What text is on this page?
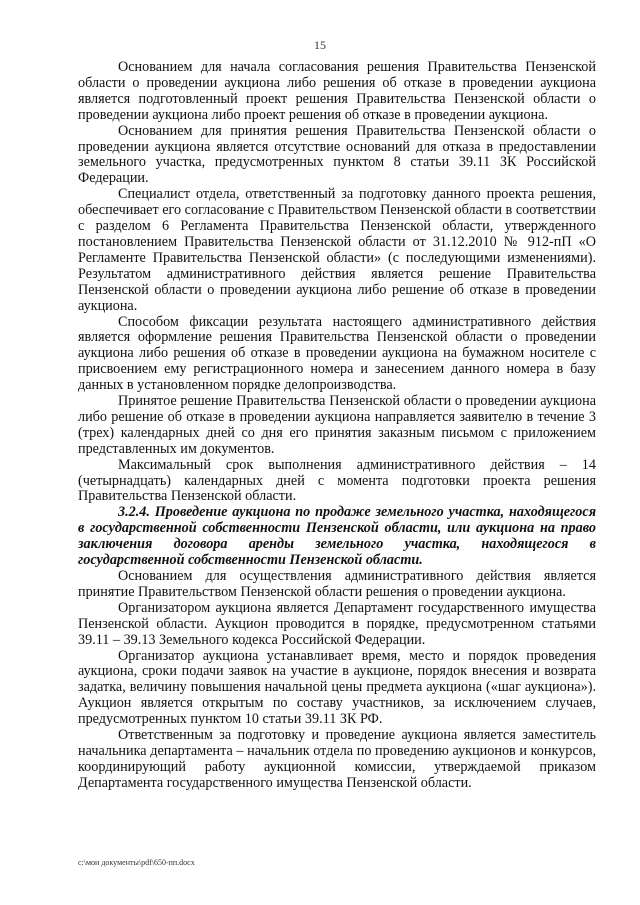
15

Основанием для начала согласования решения Правительства Пензенской области о проведении аукциона либо решения об отказе в проведении аукциона является подготовленный проект решения Правительства Пензенской области о проведении аукциона либо проект решения об отказе в проведении аукциона.

Основанием для принятия решения Правительства Пензенской области о проведении аукциона является отсутствие оснований для отказа в предоставлении земельного участка, предусмотренных пунктом 8 статьи 39.11 ЗК Российской Федерации.

Специалист отдела, ответственный за подготовку данного проекта решения, обеспечивает его согласование с Правительством Пензенской области в соответствии с разделом 6 Регламента Правительства Пензенской области, утвержденного постановлением Правительства Пензенской области от 31.12.2010 № 912-пП «О Регламенте Правительства Пензенской области» (с последующими изменениями). Результатом административного действия является решение Правительства Пензенской области о проведении аукциона либо решение об отказе в проведении аукциона.

Способом фиксации результата настоящего административного действия является оформление решения Правительства Пензенской области о проведении аукциона либо решения об отказе в проведении аукциона на бумажном носителе с присвоением ему регистрационного номера и занесением данного номера в базу данных в установленном порядке делопроизводства.

Принятое решение Правительства Пензенской области о проведении аукциона либо решение об отказе в проведении аукциона направляется заявителю в течение 3 (трех) календарных дней со дня его принятия заказным письмом с приложением представленных им документов.

Максимальный срок выполнения административного действия – 14 (четырнадцать) календарных дней с момента подготовки проекта решения Правительства Пензенской области.

3.2.4. Проведение аукциона по продаже земельного участка, находящегося в государственной собственности Пензенской области, или аукциона на право заключения договора аренды земельного участка, находящегося в государственной собственности Пензенской области.

Основанием для осуществления административного действия является принятие Правительством Пензенской области решения о проведении аукциона.

Организатором аукциона является Департамент государственного имущества Пензенской области. Аукцион проводится в порядке, предусмотренном статьями 39.11 – 39.13 Земельного кодекса Российской Федерации.

Организатор аукциона устанавливает время, место и порядок проведения аукциона, сроки подачи заявок на участие в аукционе, порядок внесения и возврата задатка, величину повышения начальной цены предмета аукциона («шаг аукциона»). Аукцион является открытым по составу участников, за исключением случаев, предусмотренных пунктом 10 статьи 39.11 ЗК РФ.

Ответственным за подготовку и проведение аукциона является заместитель начальника департамента – начальник отдела по проведению аукционов и конкурсов, координирующий работу аукционной комиссии, утверждаемой приказом Департамента государственного имущества Пензенской области.

c:\мои документы\pdf\650-пп.docx
